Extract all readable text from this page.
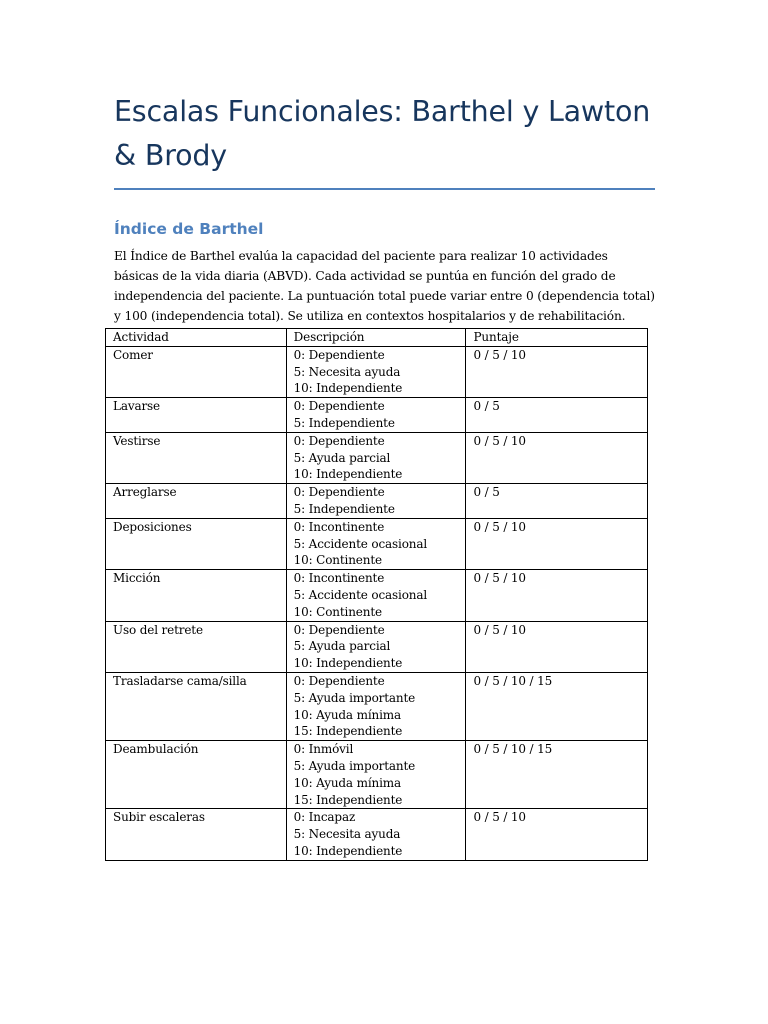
Escalas Funcionales: Barthel y Lawton & Brody
Índice de Barthel

El Índice de Barthel evalúa la capacidad del paciente para realizar 10 actividades básicas de la vida diaria (ABVD). Cada actividad se puntúa en función del grado de independencia del paciente. La puntuación total puede variar entre 0 (dependencia total) y 100 (independencia total). Se utiliza en contextos hospitalarios y de rehabilitación.

Actividad	Descripción	Puntaje
Comer	0: Dependiente
5: Necesita ayuda
10: Independiente	0 / 5 / 10
Lavarse	0: Dependiente
5: Independiente	0 / 5
Vestirse	0: Dependiente
5: Ayuda parcial
10: Independiente	0 / 5 / 10
Arreglarse	0: Dependiente
5: Independiente	0 / 5
Deposiciones	0: Incontinente
5: Accidente ocasional
10: Continente	0 / 5 / 10
Micción	0: Incontinente
5: Accidente ocasional
10: Continente	0 / 5 / 10
Uso del retrete	0: Dependiente
5: Ayuda parcial
10: Independiente	0 / 5 / 10
Trasladarse cama/silla	0: Dependiente
5: Ayuda importante
10: Ayuda mínima
15: Independiente	0 / 5 / 10 / 15
Deambulación	0: Inmóvil
5: Ayuda importante
10: Ayuda mínima
15: Independiente	0 / 5 / 10 / 15
Subir escaleras	0: Incapaz
5: Necesita ayuda
10: Independiente	0 / 5 / 10
